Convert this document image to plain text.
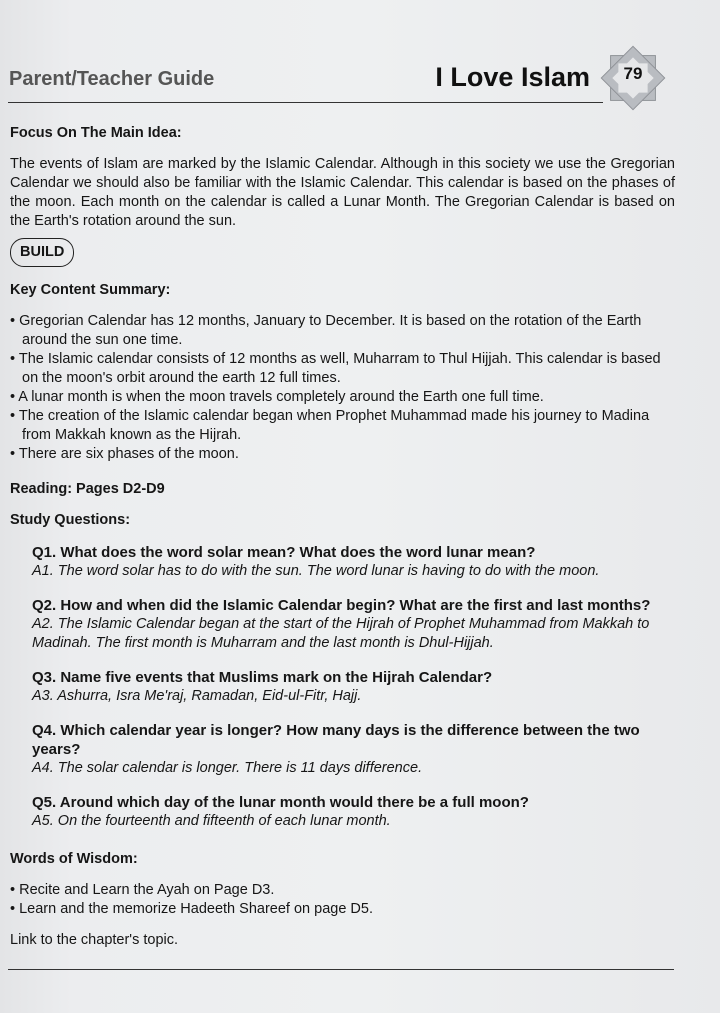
Parent/Teacher Guide	I Love Islam	79
Focus On The Main Idea:

The events of Islam are marked by the Islamic Calendar. Although in this society we use the Gregorian Calendar we should also be familiar with the Islamic Calendar. This calendar is based on the phases of the moon. Each month on the calendar is called a Lunar Month. The Gregorian Calendar is based on the Earth's rotation around the sun.

BUILD
Key Content Summary:
• Gregorian Calendar has 12 months, January to December. It is based on the rotation of the Earth around the sun one time.
• The Islamic calendar consists of 12 months as well, Muharram to Thul Hijjah. This calendar is based on the moon's orbit around the earth 12 full times.
• A lunar month is when the moon travels completely around the Earth one full time.
• The creation of the Islamic calendar began when Prophet Muhammad made his journey to Madina from Makkah known as the Hijrah.
• There are six phases of the moon.

Reading: Pages D2-D9

Study Questions:
Q1. What does the word solar mean? What does the word lunar mean?
A1. The word solar has to do with the sun. The word lunar is having to do with the moon.
Q2. How and when did the Islamic Calendar begin? What are the first and last months?
A2. The Islamic Calendar began at the start of the Hijrah of Prophet Muhammad from Makkah to Madinah. The first month is Muharram and the last month is Dhul-Hijjah.
Q3. Name five events that Muslims mark on the Hijrah Calendar?
A3. Ashurra, Isra Me'raj, Ramadan, Eid-ul-Fitr, Hajj.
Q4. Which calendar year is longer? How many days is the difference between the two years?
A4. The solar calendar is longer. There is 11 days difference.
Q5. Around which day of the lunar month would there be a full moon?
A5. On the fourteenth and fifteenth of each lunar month.
Words of Wisdom:
• Recite and Learn the Ayah on Page D3.
• Learn and the memorize Hadeeth Shareef on page D5.

Link to the chapter's topic.
